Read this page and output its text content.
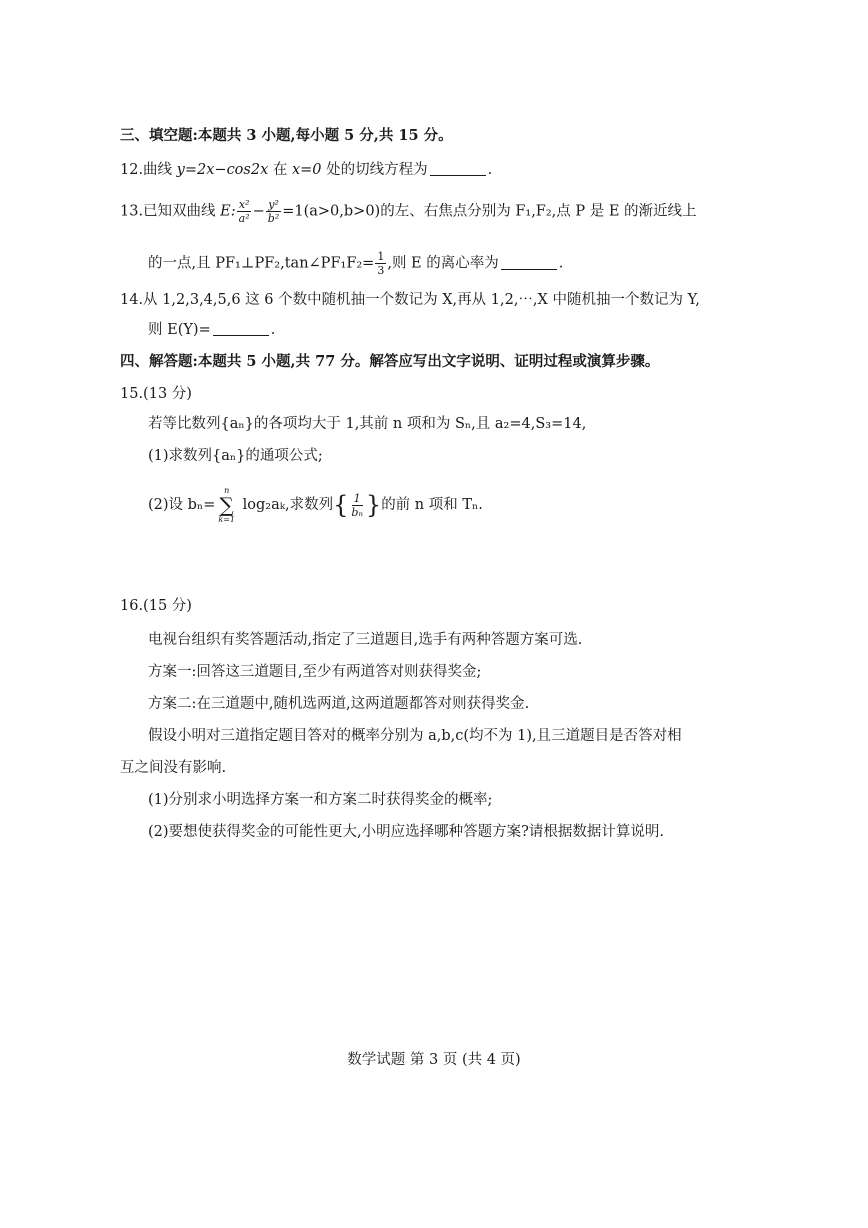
三、填空题:本题共 3 小题,每小题 5 分,共 15 分。
12.曲线 y=2x−cos2x 在 x=0 处的切线方程为	.
13.已知双曲线 E: $\frac{\text{x²}}{\text{a²}} - \frac{\text{y²}}{\text{b²}} =1(a>0,b>0)$的左、右焦点分别为 F₁,F₂,点 P 是 E 的渐近线上
的一点,且 PF₁⊥PF₂,tan∠PF₁F₂= $\frac{1}{3}$ ,则 E 的离心率为	.
14.从 1,2,3,4,5,6 这 6 个数中随机抽一个数记为 X,再从 1,2,⋯,X 中随机抽一个数记为 Y,
则 E(Y)=	.
四、解答题:本题共 5 小题,共 77 分。解答应写出文字说明、证明过程或演算步骤。
15.(13 分)
若等比数列{aₙ}的各项均大于 1,其前 n 项和为 Sₙ,且 a₂=4,S₃=14,
(1)求数列{aₙ}的通项公式;
(2)设 bₙ=
n
∑
k=1
log₂aₖ,求数列{ $\frac{1}{\text{bₙ}}$ }的前 n 项和 Tₙ.
16.(15 分)
电视台组织有奖答题活动,指定了三道题目,选手有两种答题方案可选.
方案一:回答这三道题目,至少有两道答对则获得奖金;
方案二:在三道题中,随机选两道,这两道题都答对则获得奖金.
假设小明对三道指定题目答对的概率分别为 a,b,c(均不为 1),且三道题目是否答对相
互之间没有影响.
(1)分别求小明选择方案一和方案二时获得奖金的概率;
(2)要想使获得奖金的可能性更大,小明应选择哪种答题方案?请根据数据计算说明.
数学试题 第 3 页 (共 4 页)
